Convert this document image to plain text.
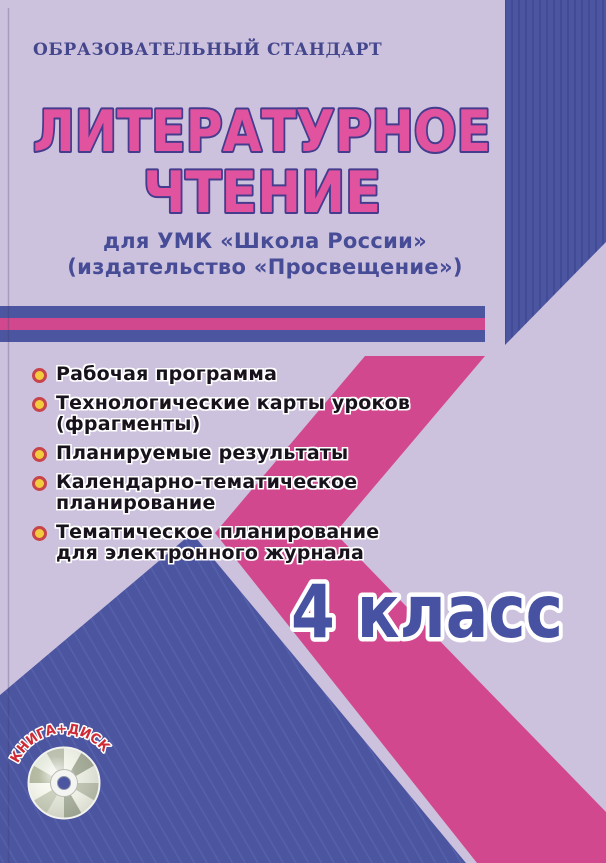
ЛИТЕРАТУРНОЕ
ЧТЕНИЕ
4 класс
КНИГА+ДИСК
ОБРАЗОВАТЕЛЬНЫЙ СТАНДАРТ
для УМК «Школа России»
(издательство «Просвещение»)
Рабочая программа
Технологические карты уроков (фрагменты)
Планируемые результаты
Календарно-тематическое планирование
Тематическое планирование
для электронного журнала
